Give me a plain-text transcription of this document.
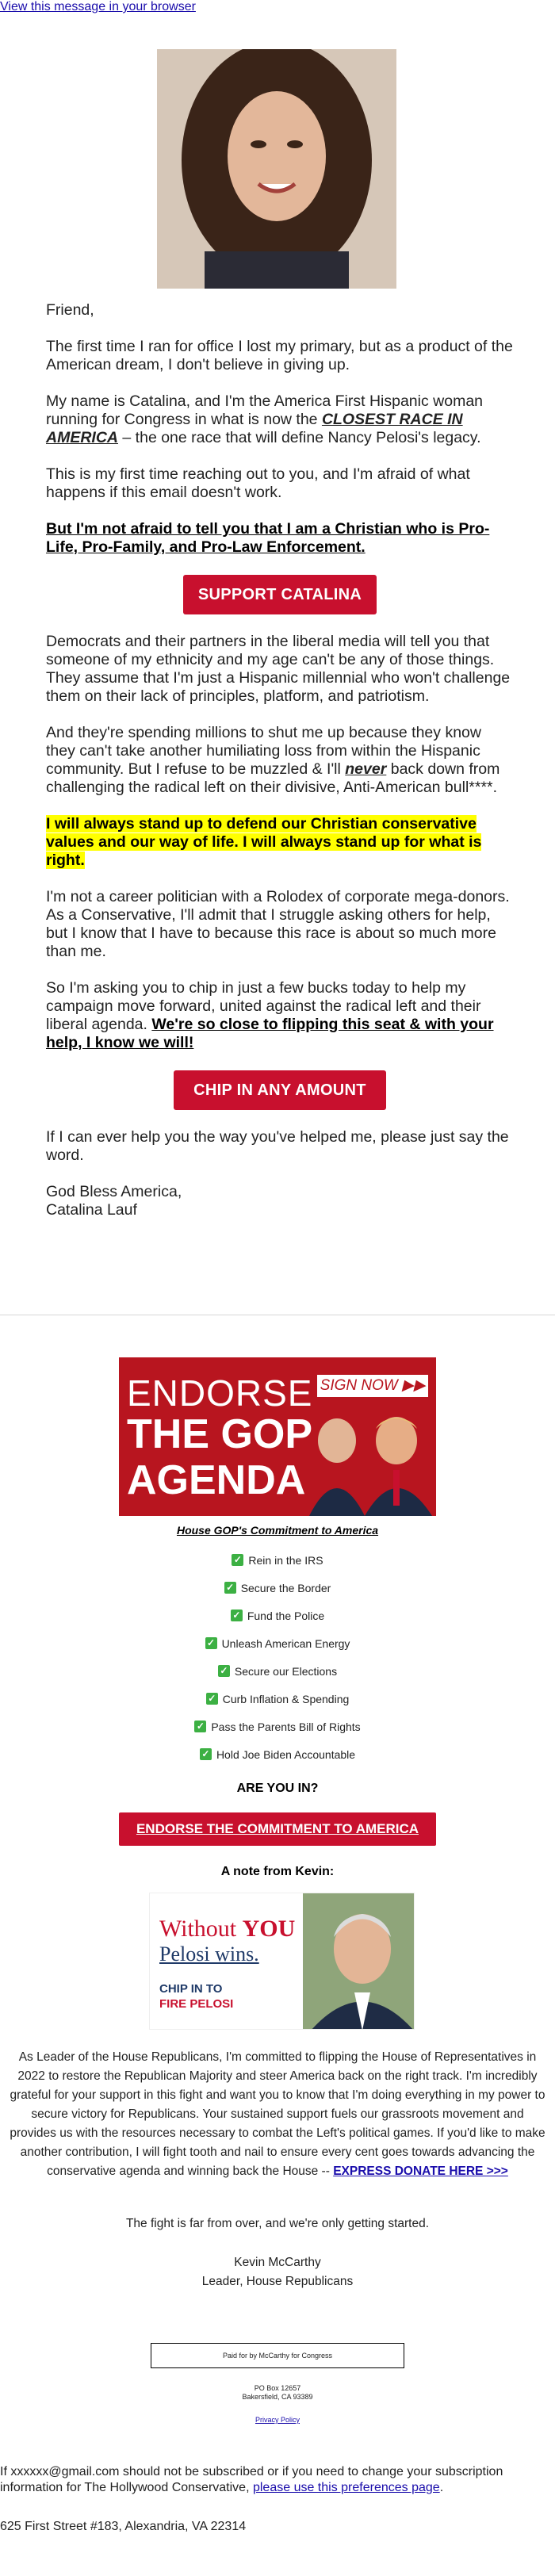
View this message in your browser

Friend,

The first time I ran for office I lost my primary, but as a product of the American dream, I don't believe in giving up.

My name is Catalina, and I'm the America First Hispanic woman running for Congress in what is now the CLOSEST RACE IN AMERICA – the one race that will define Nancy Pelosi's legacy.

This is my first time reaching out to you, and I'm afraid of what happens if this email doesn't work.

But I'm not afraid to tell you that I am a Christian who is Pro-Life, Pro-Family, and Pro-Law Enforcement.

SUPPORT CATALINA

Democrats and their partners in the liberal media will tell you that someone of my ethnicity and my age can't be any of those things. They assume that I'm just a Hispanic millennial who won't challenge them on their lack of principles, platform, and patriotism.

And they're spending millions to shut me up because they know they can't take another humiliating loss from within the Hispanic community. But I refuse to be muzzled & I'll never back down from challenging the radical left on their divisive, Anti-American bull****.

I will always stand up to defend our Christian conservative values and our way of life. I will always stand up for what is right.

I'm not a career politician with a Rolodex of corporate mega-donors. As a Conservative, I'll admit that I struggle asking others for help, but I know that I have to because this race is about so much more than me.

So I'm asking you to chip in just a few bucks today to help my campaign move forward, united against the radical left and their liberal agenda. We're so close to flipping this seat & with your help, I know we will!

CHIP IN ANY AMOUNT

If I can ever help you the way you've helped me, please just say the word.

God Bless America,
Catalina Lauf

ENDORSE
THE GOP
AGENDA
SIGN NOW ▶▶
House GOP's Commitment to America
✓ Rein in the IRS
✓ Secure the Border
✓ Fund the Police
✓ Unleash American Energy
✓ Secure our Elections
✓ Curb Inflation & Spending
✓ Pass the Parents Bill of Rights
✓ Hold Joe Biden Accountable
ARE YOU IN?
ENDORSE THE COMMITMENT TO AMERICA
A note from Kevin:
Without YOU
Pelosi wins.
CHIP IN TO
FIRE PELOSI
As Leader of the House Republicans, I'm committed to flipping the House of Representatives in 2022 to restore the Republican Majority and steer America back on the right track. I'm incredibly grateful for your support in this fight and want you to know that I'm doing everything in my power to secure victory for Republicans. Your sustained support fuels our grassroots movement and provides us with the resources necessary to combat the Left's political games. If you'd like to make another contribution, I will fight tooth and nail to ensure every cent goes towards advancing the conservative agenda and winning back the House -- EXPRESS DONATE HERE >>>
The fight is far from over, and we're only getting started.
Kevin McCarthy
Leader, House Republicans
Paid for by McCarthy for Congress
PO Box 12657
Bakersfield, CA 93389
Privacy Policy
If xxxxxx@gmail.com should not be subscribed or if you need to change your subscription information for The Hollywood Conservative, please use this preferences page.
625 First Street #183, Alexandria, VA 22314
